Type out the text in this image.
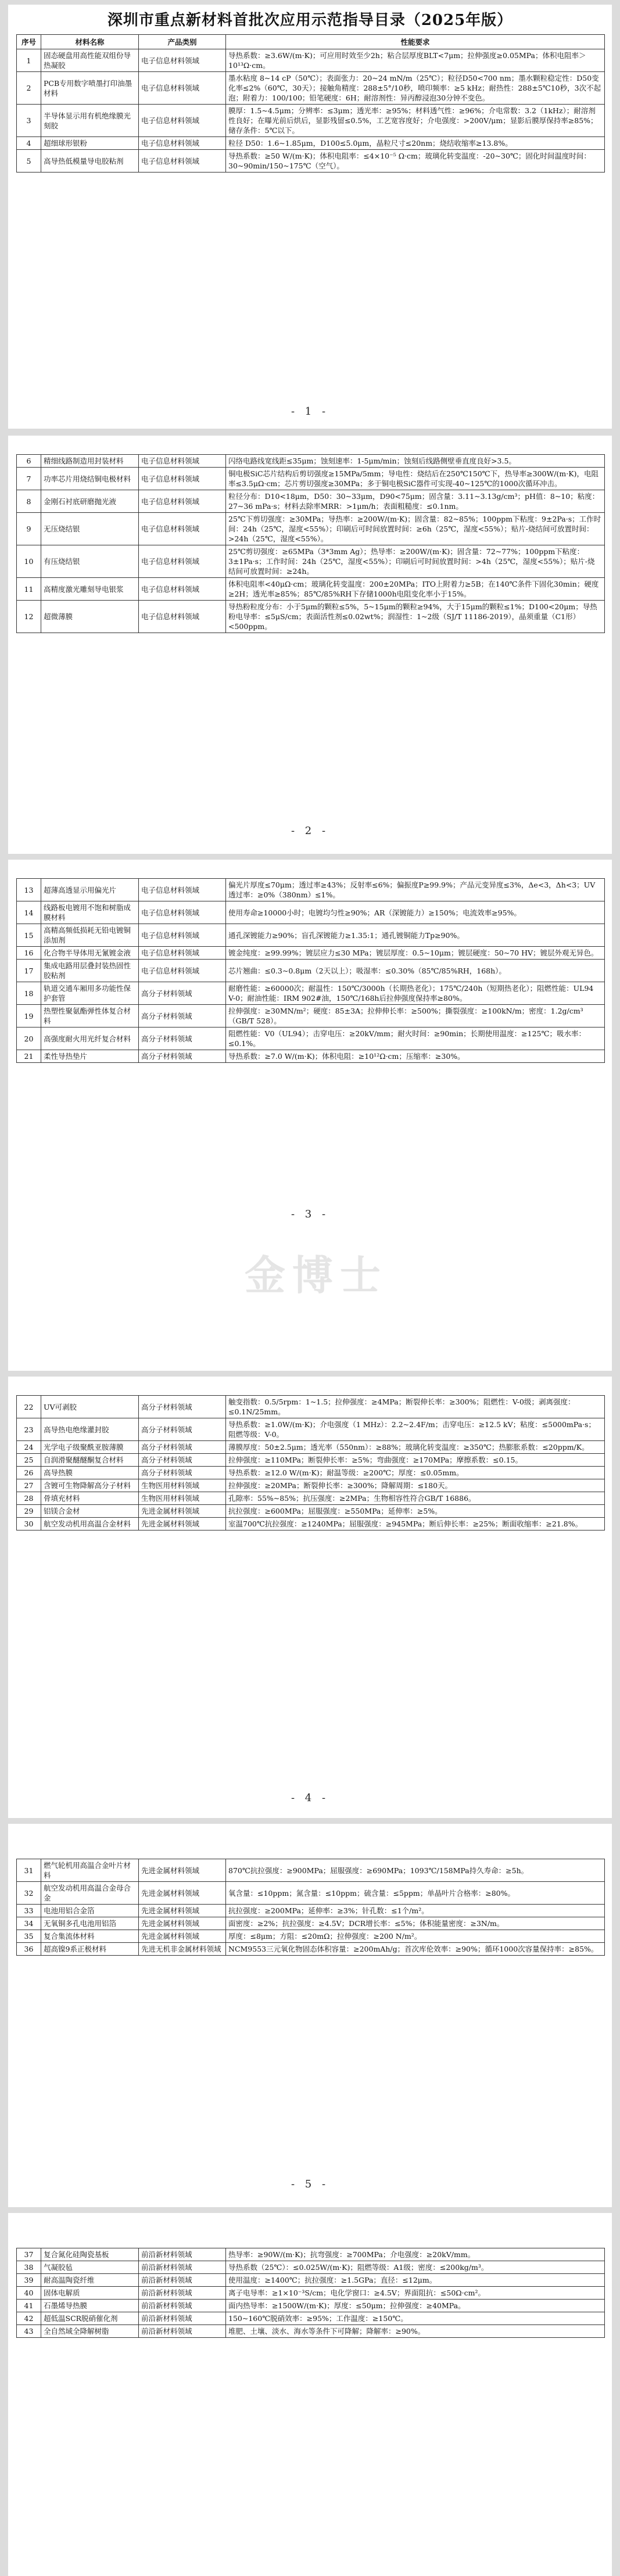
深圳市重点新材料首批次应用示范指导目录（2025年版）
序号	材料名称	产品类别	性能要求
1	固态硬盘用高性能双组份导热凝胶	电子信息材料领域	导热系数：≥3.6W/(m·K)；可应用时效至少2h；粘合层厚度BLT<7μm；拉伸强度≥0.05MPa；体积电阻率＞10¹³Ω·cm。
2	PCB专用数字喷墨打印油墨材料	电子信息材料领域	墨水粘度 8~14 cP（50℃）；表面张力：20~24 mN/m（25℃）；粒径D50<700 nm；墨水颗粒稳定性：D50变化率≤2%（60℃，30天）；接触角精度：288±5°/10秒，喷印频率：≥5 kHz；耐热性：288±5℃10秒，3次不起泡；附着力：100/100；铅笔硬度：6H；耐溶剂性：异丙醇浸泡30分钟不变色。
3	半导体显示用有机绝缘膜光刻胶	电子信息材料领域	膜厚：1.5~4.5μm；分辨率：≤3μm；透光率：≥95%；材料透气性：≥96%；介电常数：3.2（1kHz）；耐溶剂性良好；在曝光前后烘后，显影残留≤0.5%，工艺宽容度好；介电强度：>200V/μm；显影后膜厚保持率≥85%；储存条件：5℃以下。
4	超细球形银粉	电子信息材料领域	粒径 D50：1.6~1.85μm，D100≤5.0μm，晶粒尺寸≤20nm；烧结收缩率≥13.8%。
5	高导热低模量导电胶粘剂	电子信息材料领域	导热系数：≥50 W/(m·K)；体积电阻率：≤4×10⁻⁵ Ω·cm；玻璃化转变温度：-20~30℃；固化时间温度时间：30~90min/150~175℃（空气）。
- 1 -
6	精细线路制造用封装材料	电子信息材料领域	闪络电路线宽线距≤35μm；蚀刻速率：1-5μm/min；蚀刻后线路侧壁垂直度良好>3.5。
7	功率芯片用烧结铜电极材料	电子信息材料领域	铜电极SiC芯片结构后剪切强度≥15MPa/5mm；导电性：烧结后在250℃150℃下，热导率≥300W/(m·K)，电阻率≤3.5μΩ·cm；芯片剪切强度≥30MPa；多于铜电极SiC器件可实现-40~125℃的1000次循环冲击。
8	金刚石衬底研磨抛光液	电子信息材料领域	粒径分布：D10<18μm，D50：30~33μm，D90<75μm；固含量：3.11~3.13g/cm³；pH值：8~10；粘度：27~36 mPa·s；材料去除率MRR：>1μm/h；表面粗糙度：≤0.1nm。
9	无压烧结银	电子信息材料领域	25℃下剪切强度：≥30MPa；导热率：≥200W/(m·K)；固含量：82~85%；100ppm下粘度：9±2Pa·s；工作时间：24h（25℃，湿度<55%）；印刷后可时间放置时间：≥6h（25℃，湿度<55%）；贴片-烧结间可放置时间：>24h（25℃，湿度<55%）。
10	有压烧结银	电子信息材料领域	25℃剪切强度：≥65MPa（3*3mm Ag）；热导率：≥200W/(m·K)；固含量：72~77%；100ppm下粘度：3±1Pa·s；工作时间：24h（25℃，湿度<55%）；印刷后可时间放置时间：>4h（25℃，湿度<55%）；贴片-烧结间可放置时间：≥24h。
11	高精度激光雕刻导电银浆	电子信息材料领域	体积电阻率<40μΩ·cm；玻璃化转变温度：200±20MPa；ITO上附着力≥5B；在140℃条件下固化30min；硬度≥2H；透光率≥85%；85℃/85%RH下存储1000h电阻变化率小于15%。
12	超微薄膜	电子信息材料领域	导热粉粒度分布：小于5μm的颗粒≤5%，5~15μm的颗粒≥94%，大于15μm的颗粒≤1%；D100<20μm；导热粉电导率：≤5μS/cm；表面活性剂≤0.02wt%；润湿性：1~2级（SJ/T 11186-2019），晶须重量（C1形）<500ppm。
- 2 -
13	超薄高透显示用偏光片	电子信息材料领域	偏光片厚度≤70μm；透过率≥43%；反射率≤6%；偏振度P≥99.9%；产品元变异度≤3%，Δe<3，Δh<3；UV 透过率：≥0%（380nm）≤1%。
14	线路板电镀用不饱和树脂成膜材料	电子信息材料领域	使用寿命≥10000小时；电镀均匀性≥90%；AR（深镀能力）≥150%；电流效率≥95%。
15	高精高频低损耗无铅电镀铜添加剂	电子信息材料领域	通孔深镀能力≥90%；盲孔深镀能力≥1.35:1；通孔镀铜能力Tp≥90%。
16	化合物半导体用无氰镀金液	电子信息材料领域	镀金纯度：≥99.99%；镀层应力≤30 MPa；镀层厚度：0.5~10μm；镀层硬度：50~70 HV；镀层外观无异色。
17	集成电路用层叠封装热固性胶粘剂	电子信息材料领域	芯片翘曲：≤0.3~0.8μm（2天以上）；吸湿率：≤0.30%（85℃/85%RH，168h）。
18	轨道交通车厢用多功能性保护套管	高分子材料领域	耐磨性能：≥60000次；耐温性：150℃/3000h（长期热老化）；175℃/240h（短期热老化）；阻燃性能：UL94 V-0；耐油性能：IRM 902#油，150℃/168h后拉伸强度保持率≥80%。
19	热塑性聚氨酯弹性体复合材料	高分子材料领域	拉伸强度：≥30MN/m²；硬度：85±3A；拉伸伸长率：≥500%；撕裂强度：≥100kN/m；密度：1.2g/cm³（GB/T 528）。
20	高强度耐火用光纤复合材料	高分子材料领域	阻燃性能：V0（UL94）；击穿电压：≥20kV/mm；耐火时间：≥90min；长期使用温度：≥125℃；吸水率：≤0.1%。
21	柔性导热垫片	高分子材料领域	导热系数：≥7.0 W/(m·K)；体积电阻：≥10¹²Ω·cm；压缩率：≥30%。
金博士
- 3 -
22	UV可剥胶	高分子材料领域	触变指数：0.5/5rpm：1~1.5；拉伸强度：≥4MPa；断裂伸长率：≥300%；阻燃性：V-0级；剥离强度：≤0.1N/25mm。
23	高导热电绝缘灌封胶	高分子材料领域	导热系数：≥1.0W/(m·K)；介电强度（1 MHz）：2.2~2.4F/m；击穿电压：≥12.5 kV；粘度：≤5000mPa·s；阻燃等级：V-0。
24	光学电子级聚酰亚胺薄膜	高分子材料领域	薄膜厚度：50±2.5μm；透光率（550nm）：≥88%；玻璃化转变温度：≥350℃；热膨胀系数：≤20ppm/K。
25	自润滑聚醚醚酮复合材料	高分子材料领域	拉伸强度：≥110MPa；断裂伸长率：≥5%；弯曲强度：≥170MPa；摩擦系数：≤0.15。
26	高导热膜	高分子材料领域	导热系数：≥12.0 W/(m·K)；耐温等级：≥200℃；厚度：≤0.05mm。
27	含镀可生物降解高分子材料	生物医用材料领域	拉伸强度：≥20MPa；断裂伸长率：≥300%；降解周期：≤180天。
28	骨填充材料	生物医用材料领域	孔隙率：55%~85%；抗压强度：≥2MPa；生物相容性符合GB/T 16886。
29	铝镁合金材	先进金属材料领域	抗拉强度：≥600MPa；屈服强度：≥550MPa；延伸率：≥5%。
30	航空发动机用高温合金材料	先进金属材料领域	室温700℃抗拉强度：≥1240MPa；屈服强度：≥945MPa；断后伸长率：≥25%；断面收缩率：≥21.8%。
- 4 -
31	燃气轮机用高温合金叶片材料	先进金属材料领域	870℃抗拉强度：≥900MPa；屈服强度：≥690MPa；1093℃/158MPa持久寿命：≥5h。
32	航空发动机用高温合金母合金	先进金属材料领域	氧含量：≤10ppm；氮含量：≤10ppm；硫含量：≤5ppm；单晶叶片合格率：≥80%。
33	电池用铝合金箔	先进金属材料领域	抗拉强度：≥200MPa；延伸率：≥3%；针孔数：≤1个/m²。
34	无氧铜多孔电池用铝箔	先进金属材料领域	面密度：≥2%；抗拉强度：≥4.5V；DCR增长率：≤5%；体积能量密度：≥3N/m。
35	复合集流体材料	先进金属材料领域	厚度：≤8μm；方阻：≤20mΩ；拉伸强度：≥200 N/m²。
36	超高镍9系正极材料	先进无机非金属材料领域	NCM9553三元氧化物固态体积容量：≥200mAh/g；首次库伦效率：≥90%；循环1000次容量保持率：≥85%。
- 5 -
37	复合氮化硅陶瓷基板	前沿新材料领域	热导率：≥90W/(m·K)；抗弯强度：≥700MPa；介电强度：≥20kV/mm。
38	气凝胶毡	前沿新材料领域	导热系数（25℃）：≤0.025W/(m·K)；阻燃等级：A1级；密度：≤200kg/m³。
39	耐高温陶瓷纤维	前沿新材料领域	使用温度：≥1400℃；抗拉强度：≥1.5GPa；直径：≤12μm。
40	固体电解质	前沿新材料领域	离子电导率：≥1×10⁻³S/cm；电化学窗口：≥4.5V；界面阻抗：≤50Ω·cm²。
41	石墨烯导热膜	前沿新材料领域	面内热导率：≥1500W/(m·K)；厚度：≤50μm；拉伸强度：≥40MPa。
42	超低温SCR脱硝催化剂	前沿新材料领域	150~160℃脱硝效率：≥95%；工作温度：≥150℃。
43	全自然域全降解树脂	前沿新材料领域	堆肥、土壤、淡水、海水等条件下可降解；降解率：≥90%。
